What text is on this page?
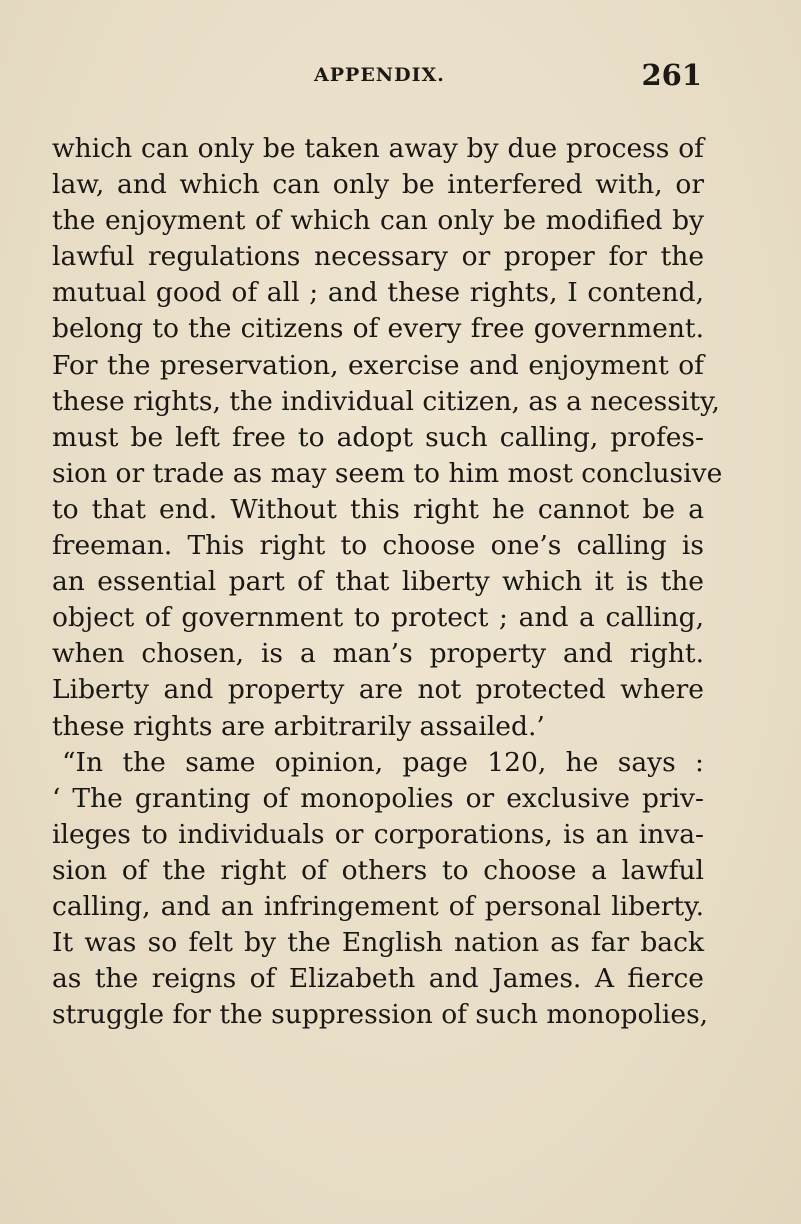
APPENDIX.	261
which can only be taken away by due process of
law, and which can only be interfered with, or
the enjoyment of which can only be modified by
lawful regulations necessary or proper for the
mutual good of all ; and these rights, I contend,
belong to the citizens of every free government.
For the preservation, exercise and enjoyment of
these rights, the individual citizen, as a necessity,
must be left free to adopt such calling, profes-
sion or trade as may seem to him most conclusive
to that end. Without this right he cannot be a
freeman. This right to choose one’s calling is
an essential part of that liberty which it is the
object of government to protect ; and a calling,
when chosen, is a man’s property and right.
Liberty and property are not protected where
these rights are arbitrarily assailed.’
“In the same opinion, page 120, he says :
‘ The granting of monopolies or exclusive priv-
ileges to individuals or corporations, is an inva-
sion of the right of others to choose a lawful
calling, and an infringement of personal liberty.
It was so felt by the English nation as far back
as the reigns of Elizabeth and James. A fierce
struggle for the suppression of such monopolies,
